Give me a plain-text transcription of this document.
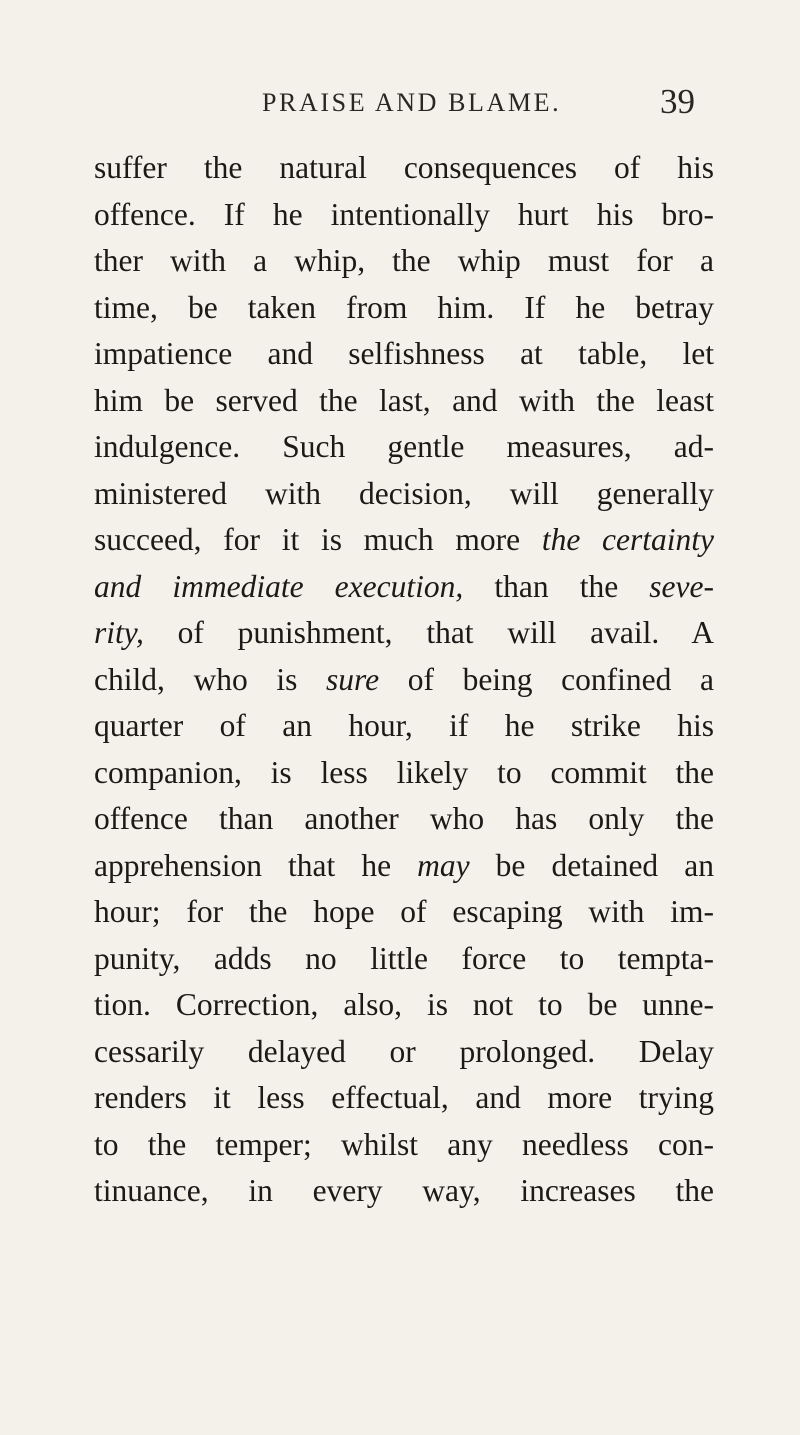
PRAISE AND BLAME.	39
suffer the natural consequences of his
offence. If he intentionally hurt his bro-
ther with a whip, the whip must for a
time, be taken from him. If he betray
impatience and selfishness at table, let
him be served the last, and with the least
indulgence. Such gentle measures, ad-
ministered with decision, will generally
succeed, for it is much more the certainty
and immediate execution, than the seve-
rity, of punishment, that will avail. A
child, who is sure of being confined a
quarter of an hour, if he strike his
companion, is less likely to commit the
offence than another who has only the
apprehension that he may be detained an
hour; for the hope of escaping with im-
punity, adds no little force to tempta-
tion. Correction, also, is not to be unne-
cessarily delayed or prolonged. Delay
renders it less effectual, and more trying
to the temper; whilst any needless con-
tinuance, in every way, increases the
